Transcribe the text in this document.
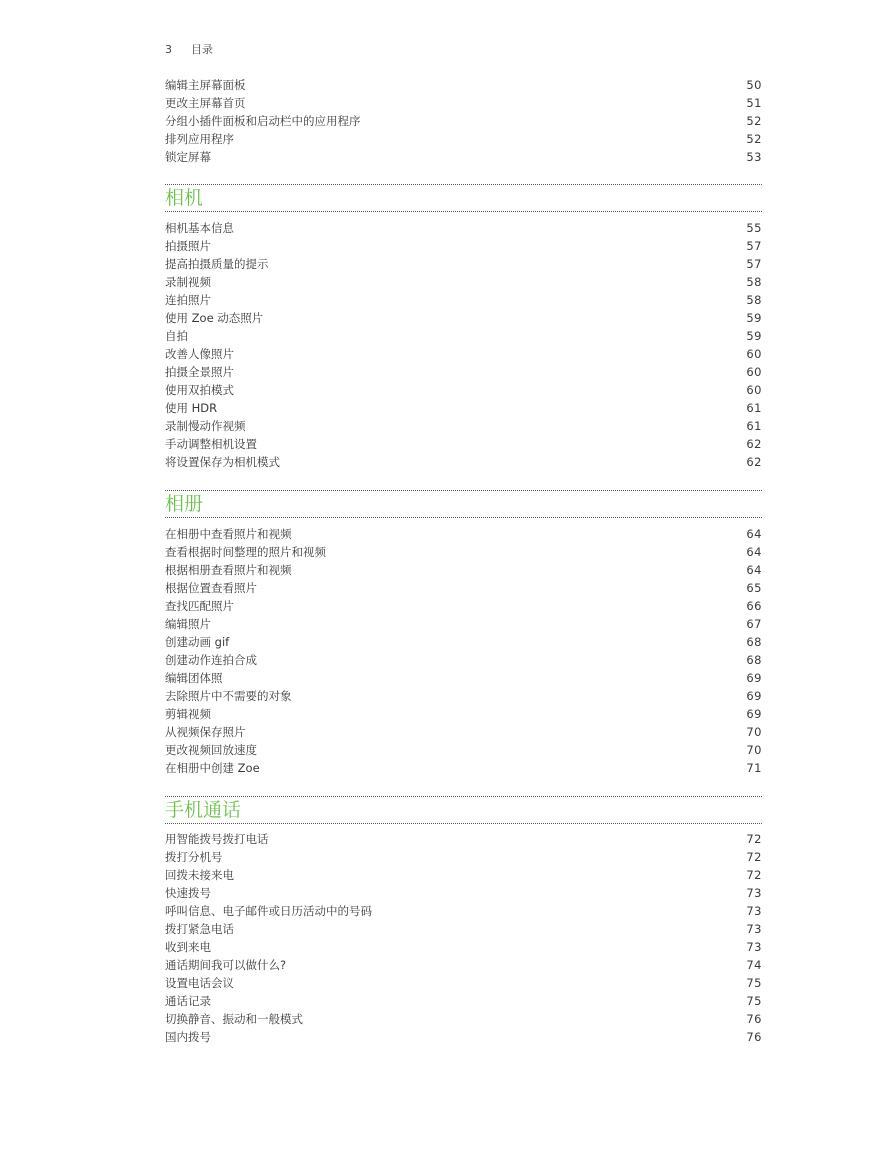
3 目录
编辑主屏幕面板	50
更改主屏幕首页	51
分组小插件面板和启动栏中的应用程序	52
排列应用程序	52
锁定屏幕	53
相机
相机基本信息	55
拍摄照片	57
提高拍摄质量的提示	57
录制视频	58
连拍照片	58
使用 Zoe 动态照片	59
自拍	59
改善人像照片	60
拍摄全景照片	60
使用双拍模式	60
使用 HDR	61
录制慢动作视频	61
手动调整相机设置	62
将设置保存为相机模式	62
相册
在相册中查看照片和视频	64
查看根据时间整理的照片和视频	64
根据相册查看照片和视频	64
根据位置查看照片	65
查找匹配照片	66
编辑照片	67
创建动画 gif	68
创建动作连拍合成	68
编辑团体照	69
去除照片中不需要的对象	69
剪辑视频	69
从视频保存照片	70
更改视频回放速度	70
在相册中创建 Zoe	71
手机通话
用智能拨号拨打电话	72
拨打分机号	72
回拨未接来电	72
快速拨号	73
呼叫信息、电子邮件或日历活动中的号码	73
拨打紧急电话	73
收到来电	73
通话期间我可以做什么?	74
设置电话会议	75
通话记录	75
切换静音、振动和一般模式	76
国内拨号	76
